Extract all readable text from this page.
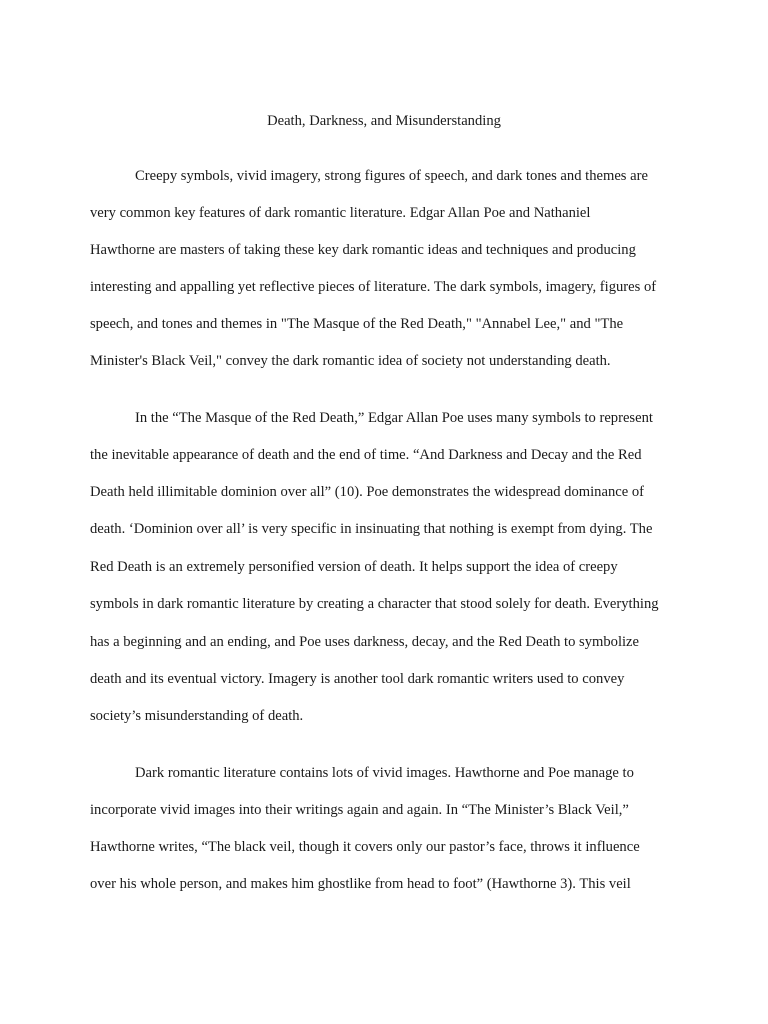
Death, Darkness, and Misunderstanding
Creepy symbols, vivid imagery, strong figures of speech, and dark tones and themes are
very common key features of dark romantic literature. Edgar Allan Poe and Nathaniel
Hawthorne are masters of taking these key dark romantic ideas and techniques and producing
interesting and appalling yet reflective pieces of literature. The dark symbols, imagery, figures of
speech, and tones and themes in "The Masque of the Red Death," "Annabel Lee," and "The
Minister's Black Veil," convey the dark romantic idea of society not understanding death.
In the “The Masque of the Red Death,” Edgar Allan Poe uses many symbols to represent
the inevitable appearance of death and the end of time. “And Darkness and Decay and the Red
Death held illimitable dominion over all” (10). Poe demonstrates the widespread dominance of
death. ‘Dominion over all’ is very specific in insinuating that nothing is exempt from dying. The
Red Death is an extremely personified version of death. It helps support the idea of creepy
symbols in dark romantic literature by creating a character that stood solely for death. Everything
has a beginning and an ending, and Poe uses darkness, decay, and the Red Death to symbolize
death and its eventual victory. Imagery is another tool dark romantic writers used to convey
society’s misunderstanding of death.
Dark romantic literature contains lots of vivid images. Hawthorne and Poe manage to
incorporate vivid images into their writings again and again. In “The Minister’s Black Veil,”
Hawthorne writes, “The black veil, though it covers only our pastor’s face, throws it influence
over his whole person, and makes him ghostlike from head to foot” (Hawthorne 3). This veil
